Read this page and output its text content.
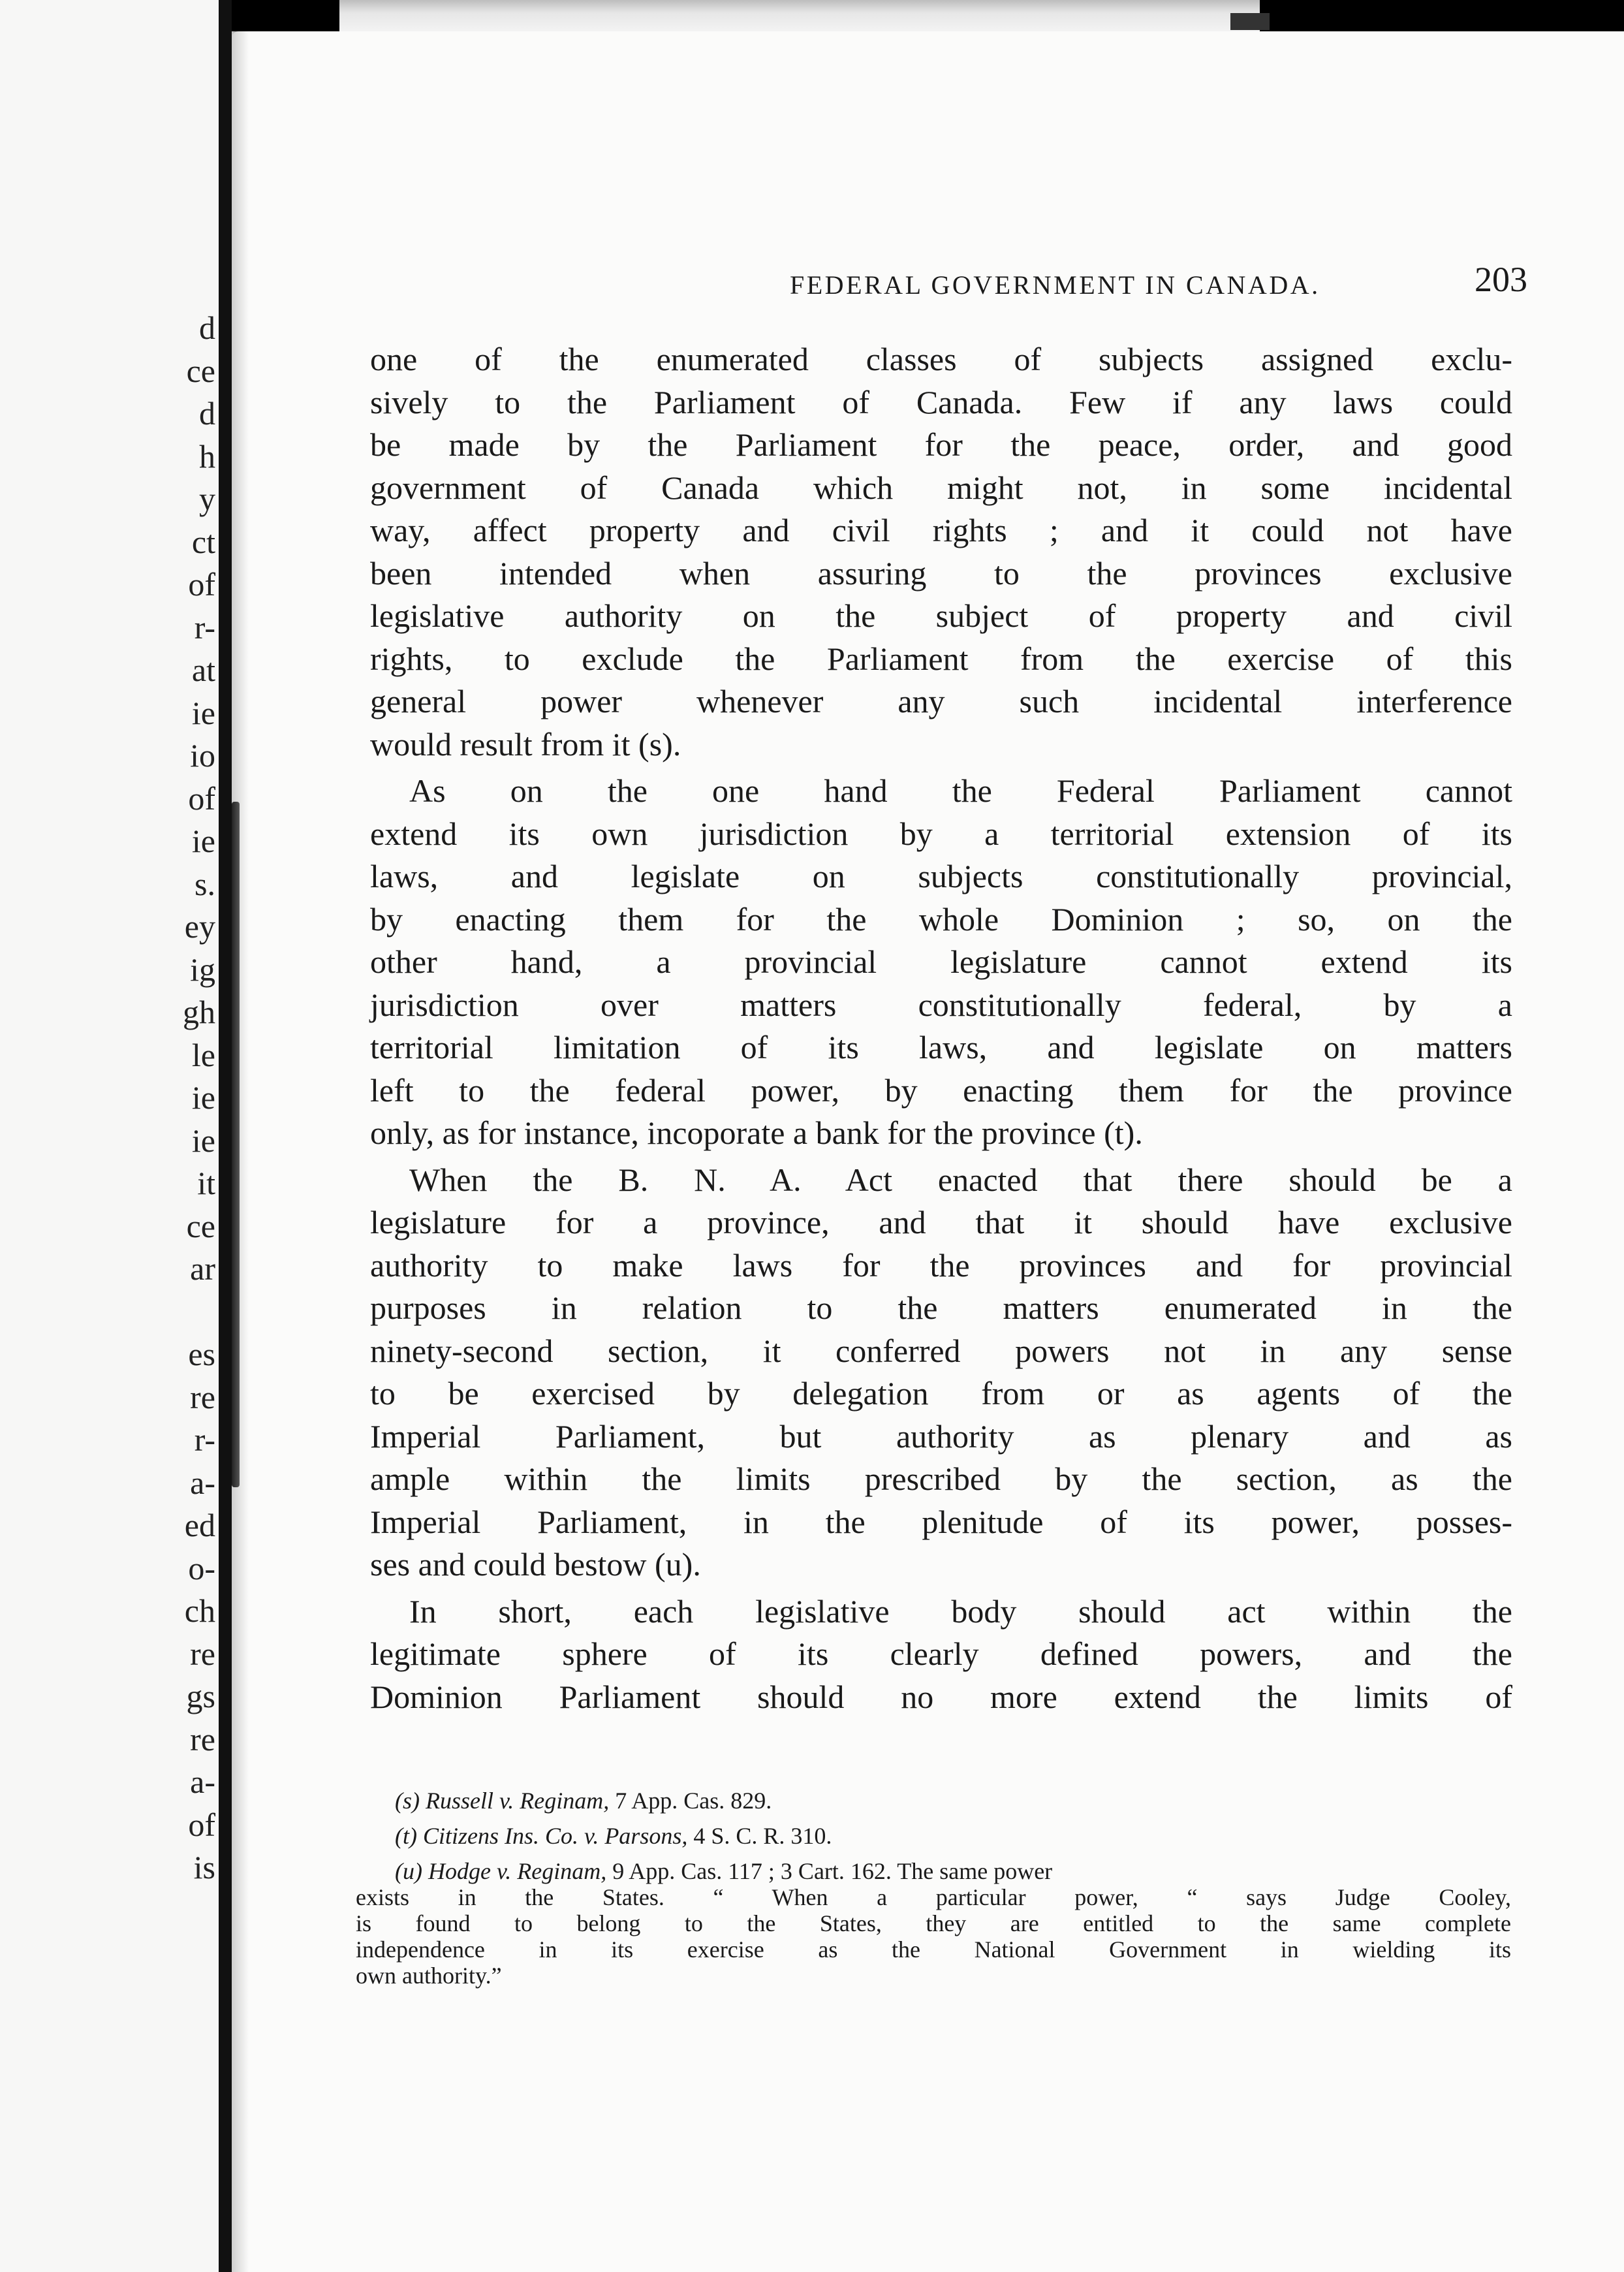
d
ce
d
h
y
ct
of
r-
at
ie
io
of
ie
s.
ey
ig
gh
le
ie
ie
it
ce
ar
es
re
r-
a-
ed
o-
ch
re
gs
re
a-
of
is
FEDERAL GOVERNMENT IN CANADA.	203
one of the enumerated classes of subjects assigned exclu-
sively to the Parliament of Canada. Few if any laws could
be made by the Parliament for the peace, order, and good
government of Canada which might not, in some incidental
way, affect property and civil rights ; and it could not have
been intended when assuring to the provinces exclusive
legislative authority on the subject of property and civil
rights, to exclude the Parliament from the exercise of this
general power whenever any such incidental interference
would result from it (s).
As on the one hand the Federal Parliament cannot
extend its own jurisdiction by a territorial extension of its
laws, and legislate on subjects constitutionally provincial,
by enacting them for the whole Dominion ; so, on the
other hand, a provincial legislature cannot extend its
jurisdiction over matters constitutionally federal, by a
territorial limitation of its laws, and legislate on matters
left to the federal power, by enacting them for the province
only, as for instance, incoporate a bank for the province (t).
When the B. N. A. Act enacted that there should be a
legislature for a province, and that it should have exclusive
authority to make laws for the provinces and for provincial
purposes in relation to the matters enumerated in the
ninety-second section, it conferred powers not in any sense
to be exercised by delegation from or as agents of the
Imperial Parliament, but authority as plenary and as
ample within the limits prescribed by the section, as the
Imperial Parliament, in the plenitude of its power, posses-
ses and could bestow (u).
In short, each legislative body should act within the
legitimate sphere of its clearly defined powers, and the
Dominion Parliament should no more extend the limits of
(s) Russell v. Reginam, 7 App. Cas. 829.
(t) Citizens Ins. Co. v. Parsons, 4 S. C. R. 310.
(u) Hodge v. Reginam, 9 App. Cas. 117 ; 3 Cart. 162. The same power
exists in the States. “ When a particular power, “ says Judge Cooley,
is found to belong to the States, they are entitled to the same complete
independence in its exercise as the National Government in wielding its
own authority.”
